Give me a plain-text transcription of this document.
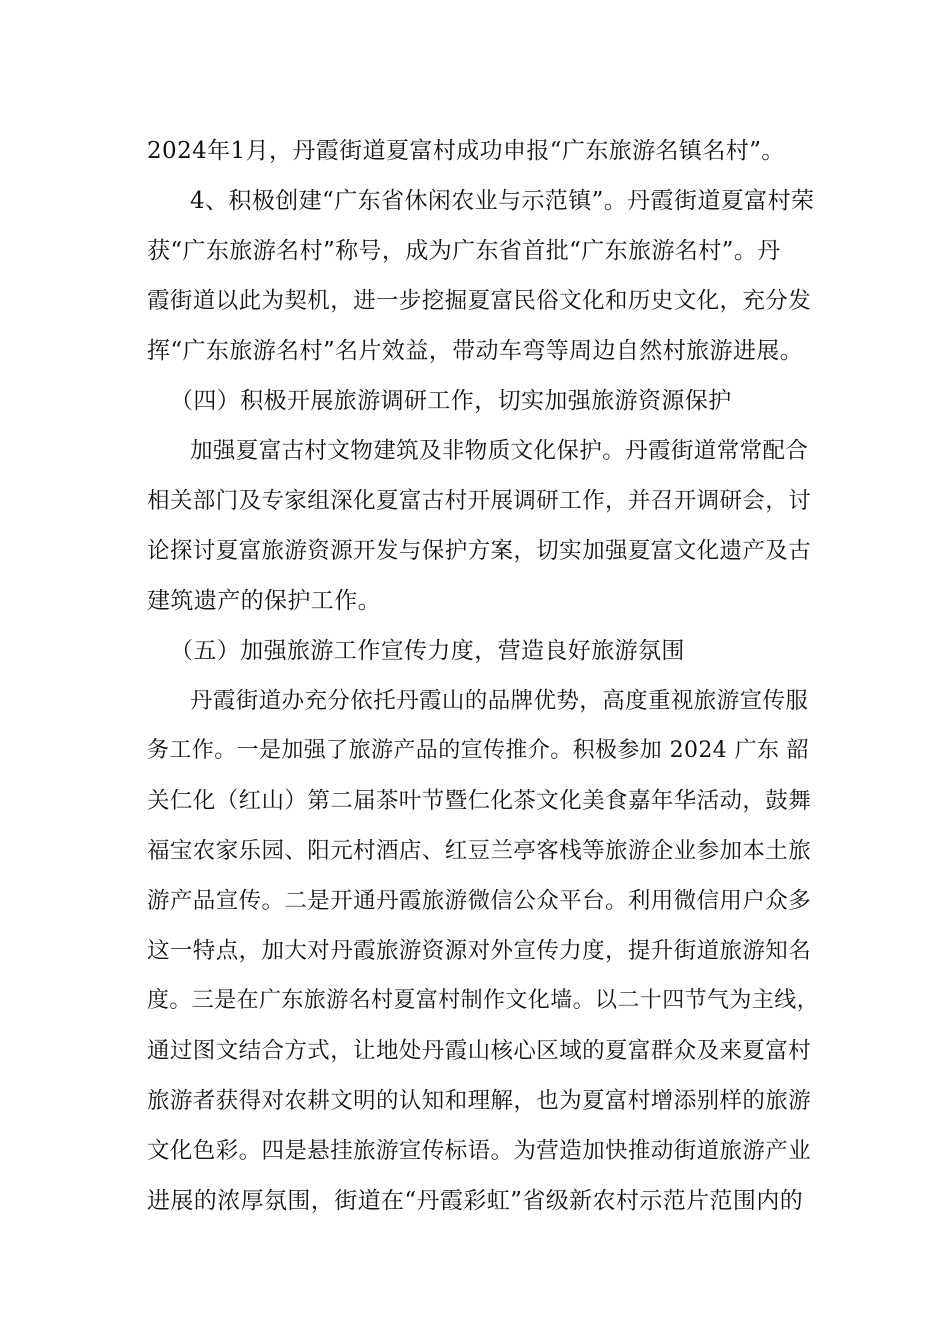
2024年1月，丹霞街道夏富村成功申报“广东旅游名镇名村”。
4、积极创建“广东省休闲农业与示范镇”。丹霞街道夏富村荣
获“广东旅游名村”称号，成为广东省首批“广东旅游名村”。丹
霞街道以此为契机，进一步挖掘夏富民俗文化和历史文化，充分发
挥“广东旅游名村”名片效益，带动车弯等周边自然村旅游进展。
（四）积极开展旅游调研工作，切实加强旅游资源保护
加强夏富古村文物建筑及非物质文化保护。丹霞街道常常配合
相关部门及专家组深化夏富古村开展调研工作，并召开调研会，讨
论探讨夏富旅游资源开发与保护方案，切实加强夏富文化遗产及古
建筑遗产的保护工作。
（五）加强旅游工作宣传力度，营造良好旅游氛围
丹霞街道办充分依托丹霞山的品牌优势，高度重视旅游宣传服
务工作。一是加强了旅游产品的宣传推介。积极参加 2024 广东 韶
关仁化（红山）第二届茶叶节暨仁化茶文化美食嘉年华活动，鼓舞
福宝农家乐园、阳元村酒店、红豆兰亭客栈等旅游企业参加本土旅
游产品宣传。二是开通丹霞旅游微信公众平台。利用微信用户众多
这一特点，加大对丹霞旅游资源对外宣传力度，提升街道旅游知名
度。三是在广东旅游名村夏富村制作文化墙。以二十四节气为主线，
通过图文结合方式，让地处丹霞山核心区域的夏富群众及来夏富村
旅游者获得对农耕文明的认知和理解，也为夏富村增添别样的旅游
文化色彩。四是悬挂旅游宣传标语。为营造加快推动街道旅游产业
进展的浓厚氛围，街道在“丹霞彩虹”省级新农村示范片范围内的
